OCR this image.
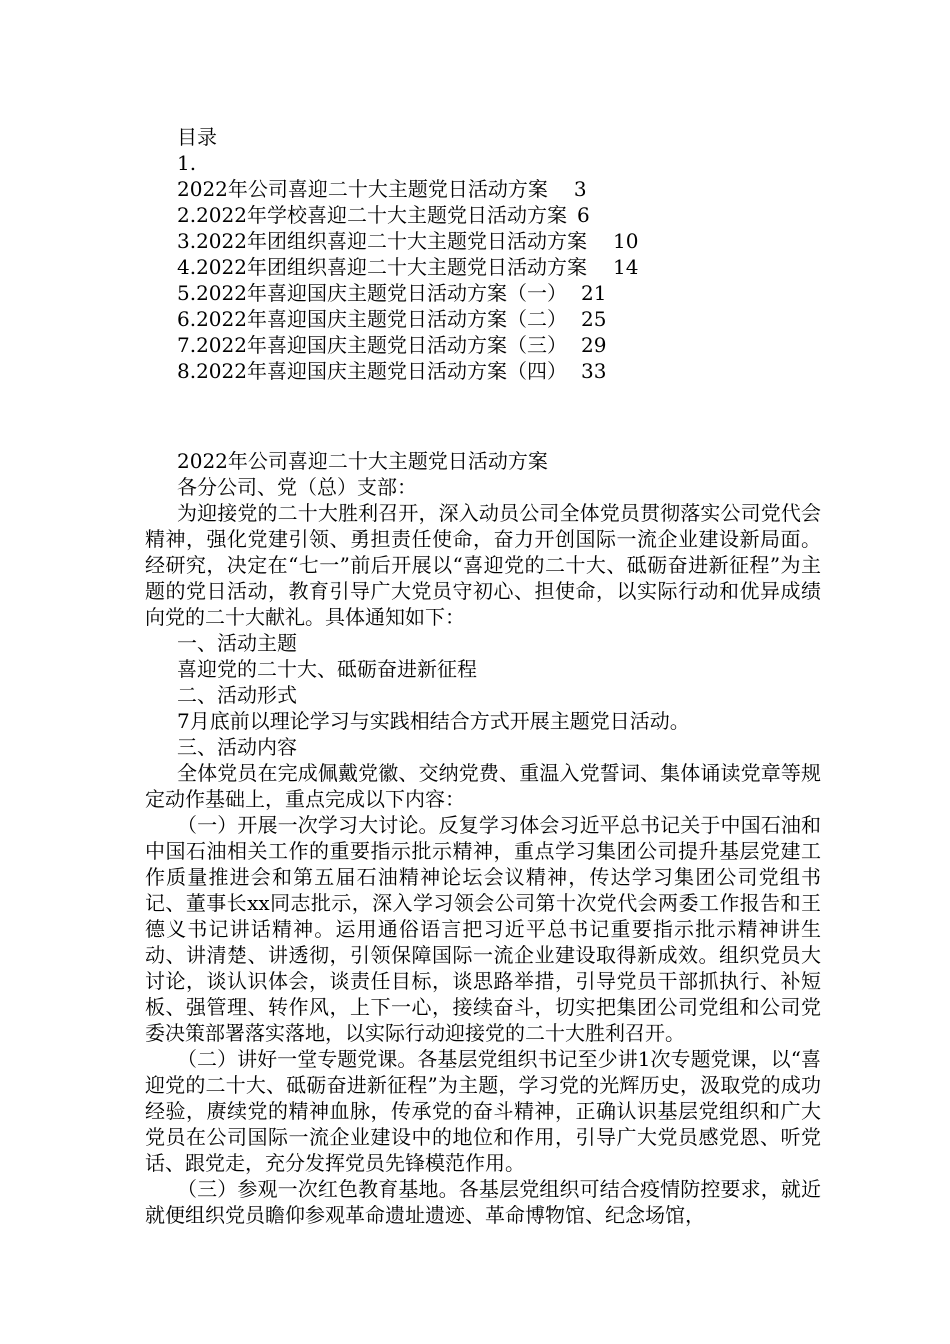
目录
1.
2022年公司喜迎二十大主题党日活动方案 3
2.2022年学校喜迎二十大主题党日活动方案 6
3.2022年团组织喜迎二十大主题党日活动方案 10
4.2022年团组织喜迎二十大主题党日活动方案 14
5.2022年喜迎国庆主题党日活动方案（一） 21
6.2022年喜迎国庆主题党日活动方案（二） 25
7.2022年喜迎国庆主题党日活动方案（三） 29
8.2022年喜迎国庆主题党日活动方案（四） 33

2022年公司喜迎二十大主题党日活动方案

各分公司、党（总）支部：

为迎接党的二十大胜利召开，深入动员公司全体党员贯彻落实公司党代会精神，强化党建引领、勇担责任使命，奋力开创国际一流企业建设新局面。经研究，决定在“七一”前后开展以“喜迎党的二十大、砥砺奋进新征程”为主题的党日活动，教育引导广大党员守初心、担使命，以实际行动和优异成绩向党的二十大献礼。具体通知如下：

一、活动主题

喜迎党的二十大、砥砺奋进新征程

二、活动形式

7月底前以理论学习与实践相结合方式开展主题党日活动。

三、活动内容

全体党员在完成佩戴党徽、交纳党费、重温入党誓词、集体诵读党章等规定动作基础上，重点完成以下内容：

（一）开展一次学习大讨论。反复学习体会习近平总书记关于中国石油和中国石油相关工作的重要指示批示精神，重点学习集团公司提升基层党建工作质量推进会和第五届石油精神论坛会议精神，传达学习集团公司党组书记、董事长xx同志批示，深入学习领会公司第十次党代会两委工作报告和王德义书记讲话精神。运用通俗语言把习近平总书记重要指示批示精神讲生动、讲清楚、讲透彻，引领保障国际一流企业建设取得新成效。组织党员大讨论，谈认识体会，谈责任目标，谈思路举措，引导党员干部抓执行、补短板、强管理、转作风，上下一心，接续奋斗，切实把集团公司党组和公司党委决策部署落实落地，以实际行动迎接党的二十大胜利召开。

（二）讲好一堂专题党课。各基层党组织书记至少讲1次专题党课，以“喜迎党的二十大、砥砺奋进新征程”为主题，学习党的光辉历史，汲取党的成功经验，赓续党的精神血脉，传承党的奋斗精神，正确认识基层党组织和广大党员在公司国际一流企业建设中的地位和作用，引导广大党员感党恩、听党话、跟党走，充分发挥党员先锋模范作用。

（三）参观一次红色教育基地。各基层党组织可结合疫情防控要求，就近就便组织党员瞻仰参观革命遗址遗迹、革命博物馆、纪念场馆，
